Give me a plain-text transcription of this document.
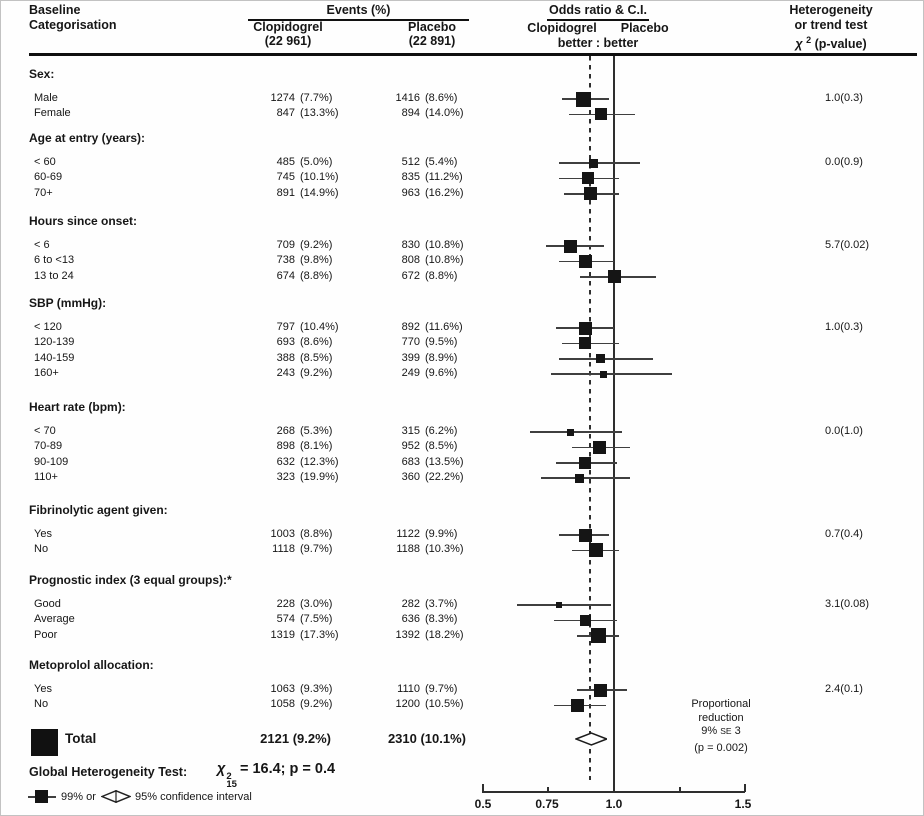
Baseline
Categorisation
Events (%)
Clopidogrel
(22 961)
Placebo
(22 891)
Odds ratio & C.I.
Clopidogrel Placebo
better : better
Heterogeneity
or trend test
χ $^2$ (p-value)
Sex:
Male	1274 (7.7%)	1416 (8.6%)
Female	847 (13.3%)	894 (14.0%)
1.0(0.3)
Age at entry (years):
< 60	485 (5.0%)	512 (5.4%)
60-69	745 (10.1%)	835 (11.2%)
70+	891 (14.9%)	963 (16.2%)
0.0(0.9)
Hours since onset:
< 6	709 (9.2%)	830 (10.8%)
6 to <13	738 (9.8%)	808 (10.8%)
13 to 24	674 (8.8%)	672 (8.8%)
5.7(0.02)
SBP (mmHg):
< 120	797 (10.4%)	892 (11.6%)
120-139	693 (8.6%)	770 (9.5%)
140-159	388 (8.5%)	399 (8.9%)
160+	243 (9.2%)	249 (9.6%)
1.0(0.3)
Heart rate (bpm):
< 70	268 (5.3%)	315 (6.2%)
70-89	898 (8.1%)	952 (8.5%)
90-109	632 (12.3%)	683 (13.5%)
110+	323 (19.9%)	360 (22.2%)
0.0(1.0)
Fibrinolytic agent given:
Yes	1003 (8.8%)	1122 (9.9%)
No	1118 (9.7%)	1188 (10.3%)
0.7(0.4)
Prognostic index (3 equal groups):*
Good	228 (3.0%)	282 (3.7%)
Average	574 (7.5%)	636 (8.3%)
Poor	1319 (17.3%)	1392 (18.2%)
3.1(0.08)
Metoprolol allocation:
Yes	1063 (9.3%)	1110 (9.7%)
No	1058 (9.2%)	1200 (10.5%)
2.4(0.1)
0.5	0.75	1.0	1.5
Total	2121 (9.2%)	2310 (10.1%)
Proportional
reduction
9% SE 3
(p = 0.002)
Global Heterogeneity Test: χ 2
15
= 16.4; p = 0.4
99% or	95% confidence interval
